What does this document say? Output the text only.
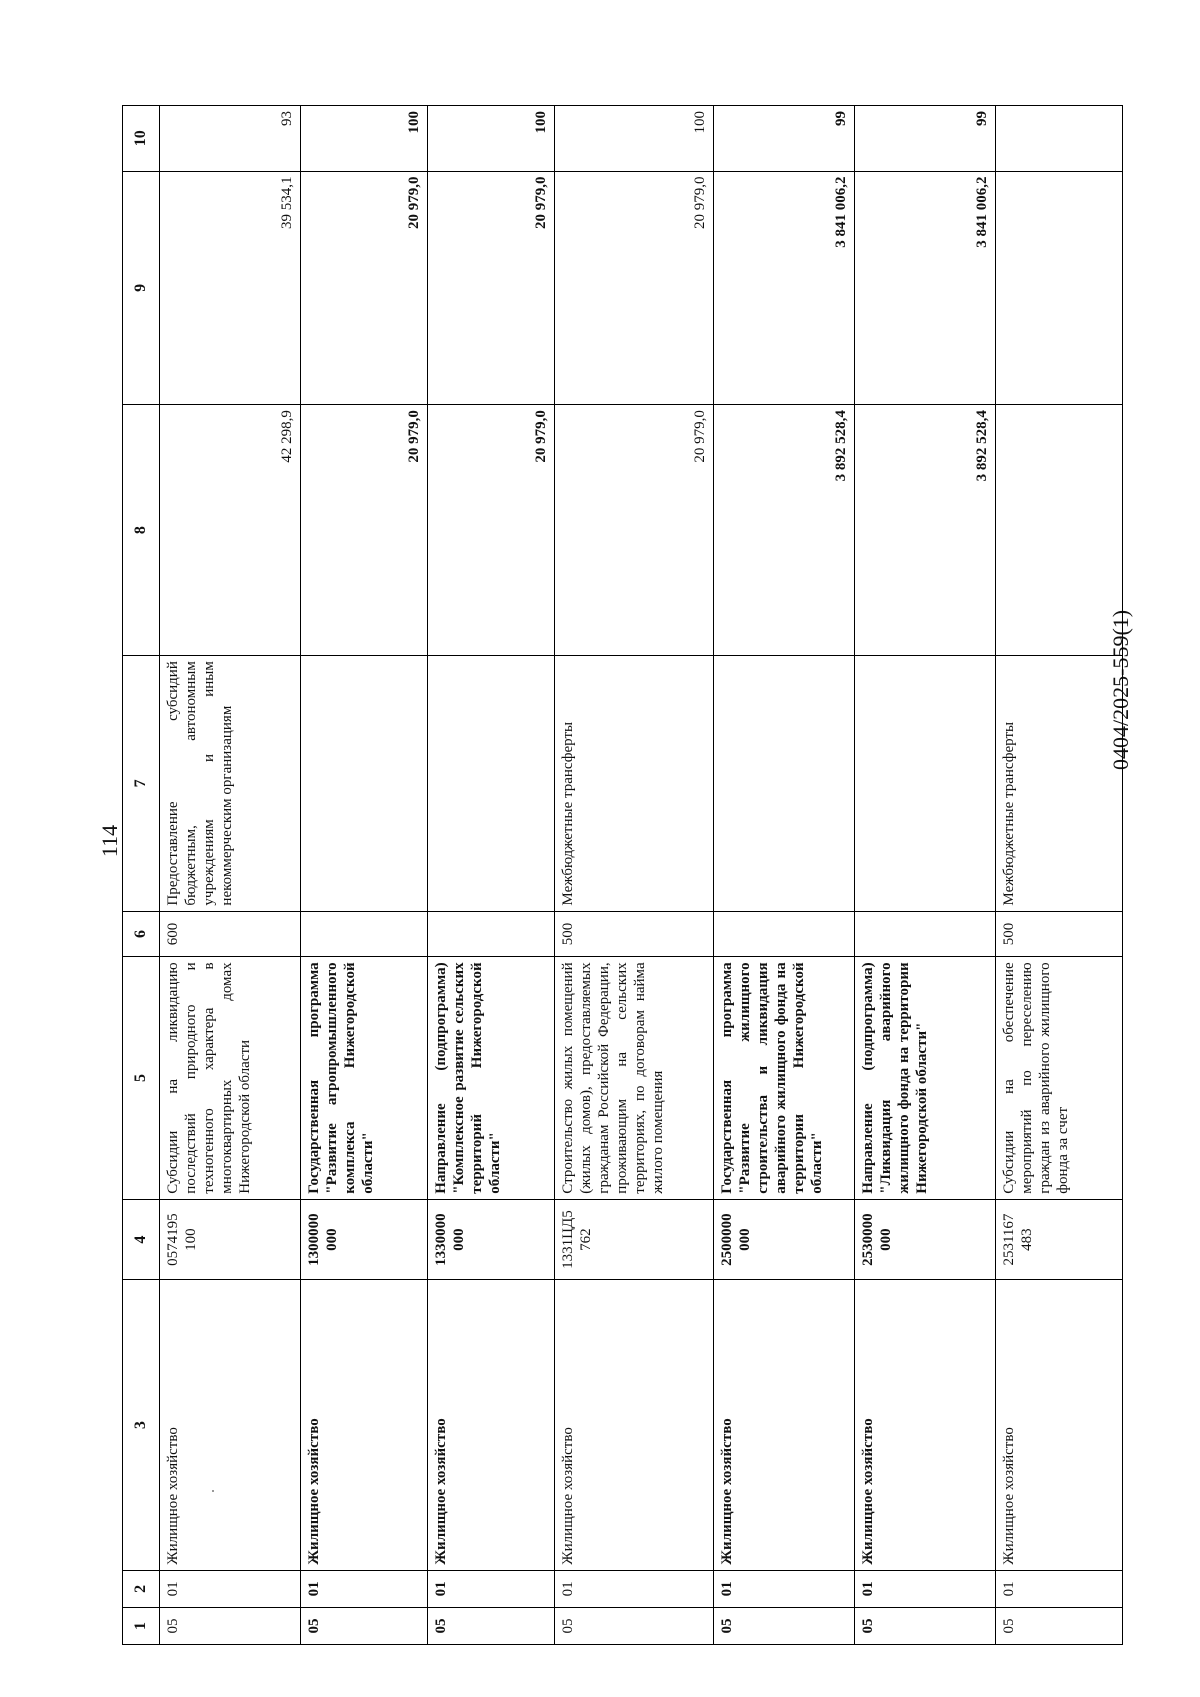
114
0404/2025-559(1)
1	2	3	4	5	6	7	8	9	10
05	01	Жилищное хозяйство	0574195 100	Субсидии на ликвидацию последствий природного и техногенного характера в многоквартирных домах Нижегородской области	600	Предоставление субсидий бюджетным, автономным учреждениям и иным некоммерческим организациям	42 298,9	39 534,1	93
05	01	Жилищное хозяйство	1300000 000	Государственная программа "Развитие агропромышленного комплекса Нижегородской области"			20 979,0	20 979,0	100
05	01	Жилищное хозяйство	1330000 000	Направление (подпрограмма) "Комплексное развитие сельских территорий Нижегородской области"			20 979,0	20 979,0	100
05	01	Жилищное хозяйство	1331ЦД5 762	Строительство жилых помещений (жилых домов), предоставляемых гражданам Российской Федерации, проживающим на сельских территориях, по договорам найма жилого помещения	500	Межбюджетные трансферты	20 979,0	20 979,0	100
05	01	Жилищное хозяйство	2500000 000	Государственная программа "Развитие жилищного строительства и ликвидация аварийного жилищного фонда на территории Нижегородской области"			3 892 528,4	3 841 006,2	99
05	01	Жилищное хозяйство	2530000 000	Направление (подпрограмма) "Ликвидация аварийного жилищного фонда на территории Нижегородской области"			3 892 528,4	3 841 006,2	99
05	01	Жилищное хозяйство	2531167 483	Субсидии на обеспечение мероприятий по переселению граждан из аварийного жилищного фонда за счет	500	Межбюджетные трансферты			
